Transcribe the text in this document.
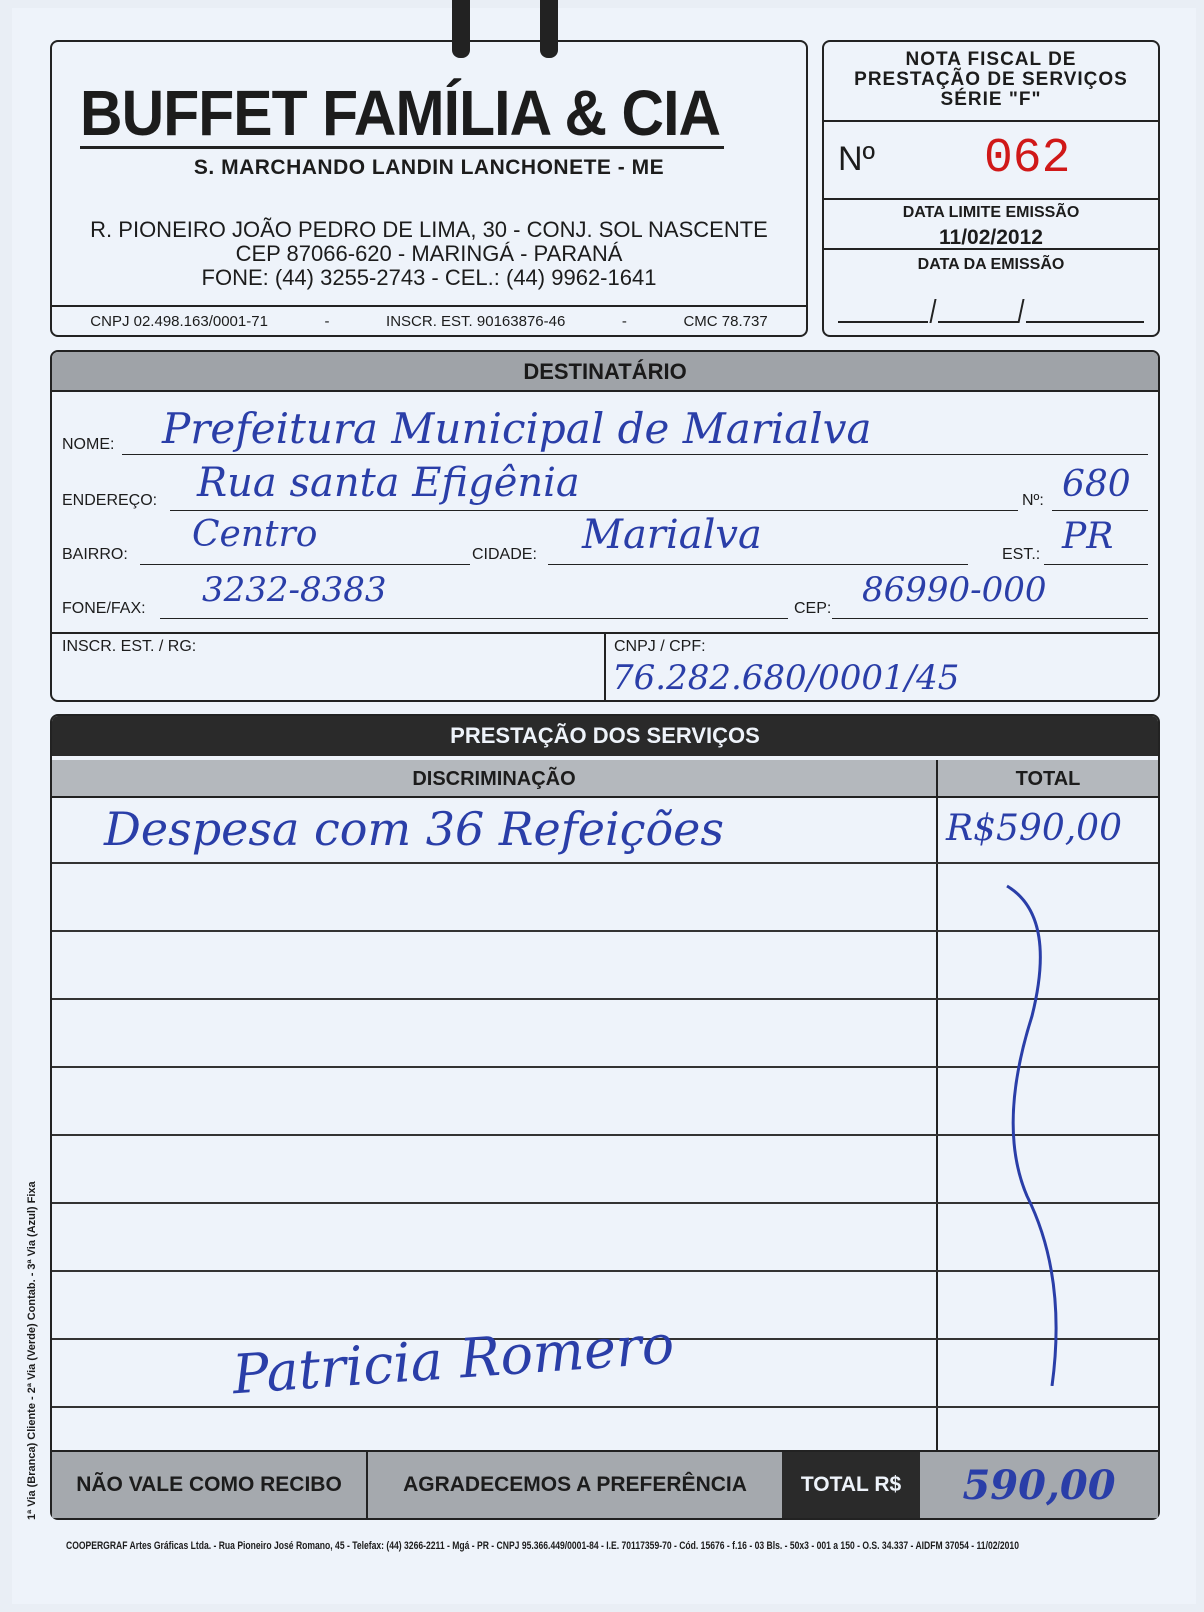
BUFFET FAMÍLIA & CIA
S. MARCHANDO LANDIN LANCHONETE - ME
R. PIONEIRO JOÃO PEDRO DE LIMA, 30 - CONJ. SOL NASCENTE
CEP 87066-620 - MARINGÁ - PARANÁ
FONE: (44) 3255-2743 - CEL.: (44) 9962-1641
CNPJ 02.498.163/0001-71	-	INSCR. EST. 90163876-46	-	CMC 78.737
NOTA FISCAL DE
PRESTAÇÃO DE SERVIÇOS
SÉRIE "F"
Nº 062
DATA LIMITE EMISSÃO
11/02/2012
DATA DA EMISSÃO
DESTINATÁRIO
NOME: Prefeitura Municipal de Marialva
ENDEREÇO: Rua santa Efigênia	Nº: 680
BAIRRO: Centro	CIDADE: Marialva	EST.: PR
FONE/FAX: 3232-8383	CEP: 86990-000
INSCR. EST. / RG:	CNPJ / CPF:
76.282.680/0001/45
PRESTAÇÃO DOS SERVIÇOS
DISCRIMINAÇÃO	TOTAL
Despesa com 36 Refeições	R$590,00
Patricia Romero
NÃO VALE COMO RECIBO	AGRADECEMOS A PREFERÊNCIA	TOTAL R$	590,00
1ª Via (Branca) Cliente - 2ª Via (Verde) Contab. - 3ª Via (Azul) Fixa
COOPERGRAF Artes Gráficas Ltda. - Rua Pioneiro José Romano, 45 - Telefax: (44) 3266-2211 - Mgá - PR - CNPJ 95.366.449/0001-84 - I.E. 70117359-70 - Cód. 15676 - f.16 - 03 Bls. - 50x3 - 001 a 150 - O.S. 34.337 - AIDFM 37054 - 11/02/2010
